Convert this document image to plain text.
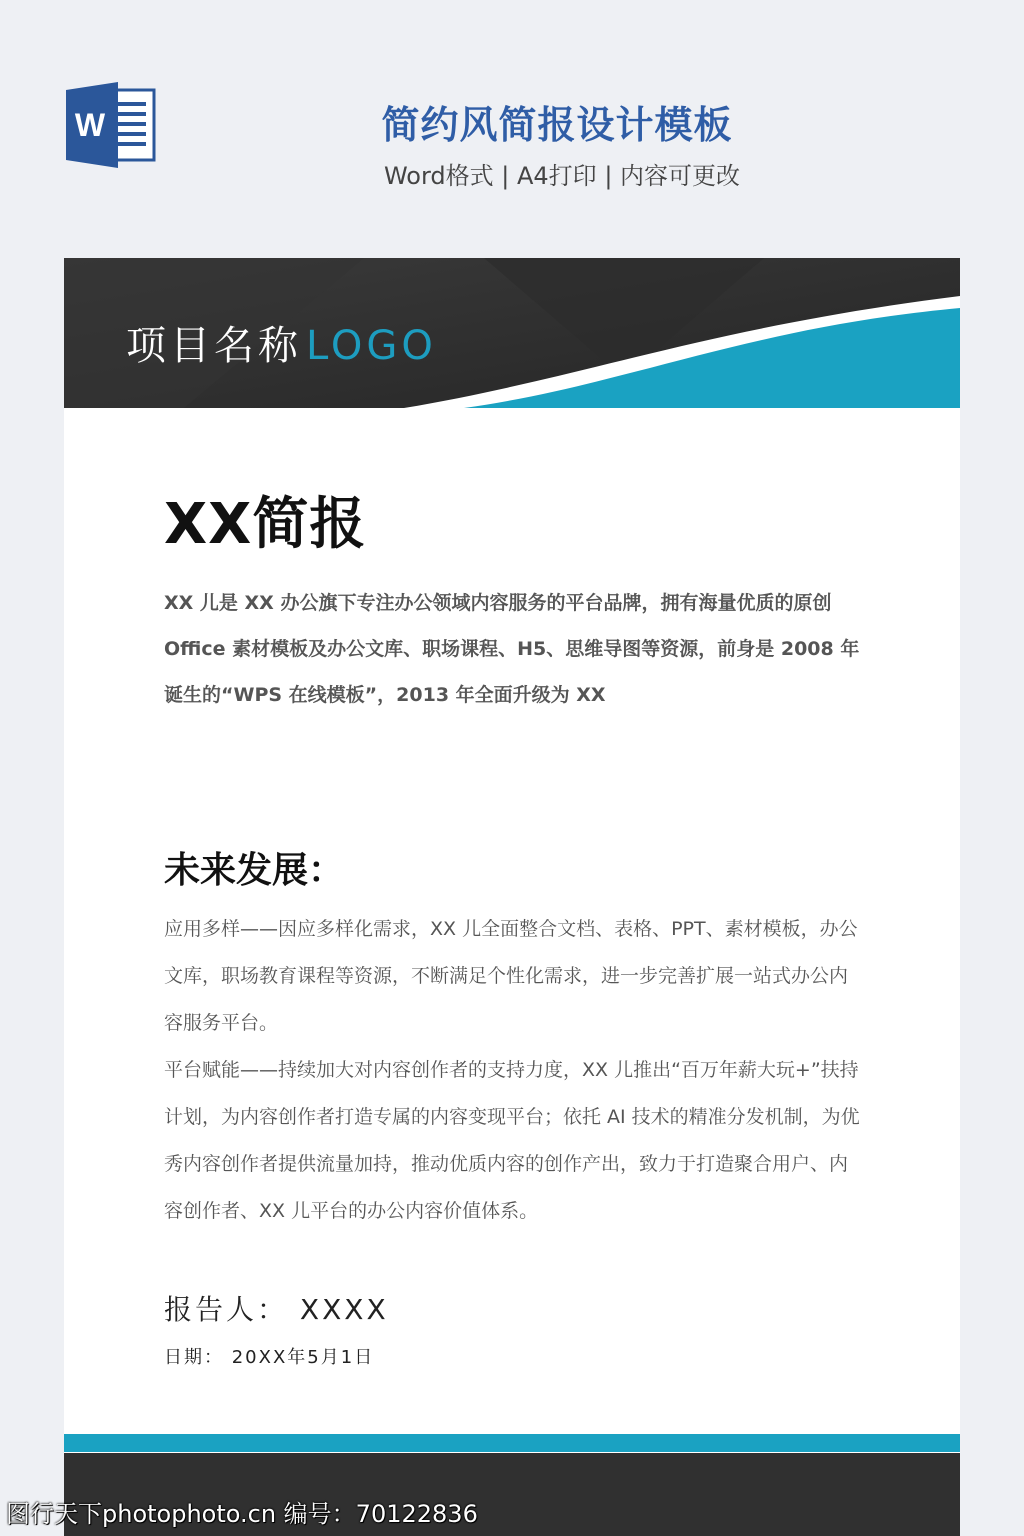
W	简约风简报设计模板
Word格式 | A4打印 | 内容可更改
项目名称 LOGO
XX简报
XX 儿是 XX 办公旗下专注办公领域内容服务的平台品牌，拥有海量优质的原创 Office 素材模板及办公文库、职场课程、H5、思维导图等资源，前身是 2008 年诞生的“WPS 在线模板”，2013 年全面升级为 XX
未来发展：

应用多样——因应多样化需求，XX 儿全面整合文档、表格、PPT、素材模板，办公文库，职场教育课程等资源，不断满足个性化需求，进一步完善扩展一站式办公内容服务平台。

平台赋能——持续加大对内容创作者的支持力度，XX 儿推出“百万年薪大玩+”扶持计划，为内容创作者打造专属的内容变现平台；依托 AI 技术的精准分发机制，为优秀内容创作者提供流量加持，推动优质内容的创作产出，致力于打造聚合用户、内容创作者、XX 儿平台的办公内容价值体系。

报告人： XXXX
日期： 20XX年5月1日
图行天下photophoto.cn 编号：70122836
